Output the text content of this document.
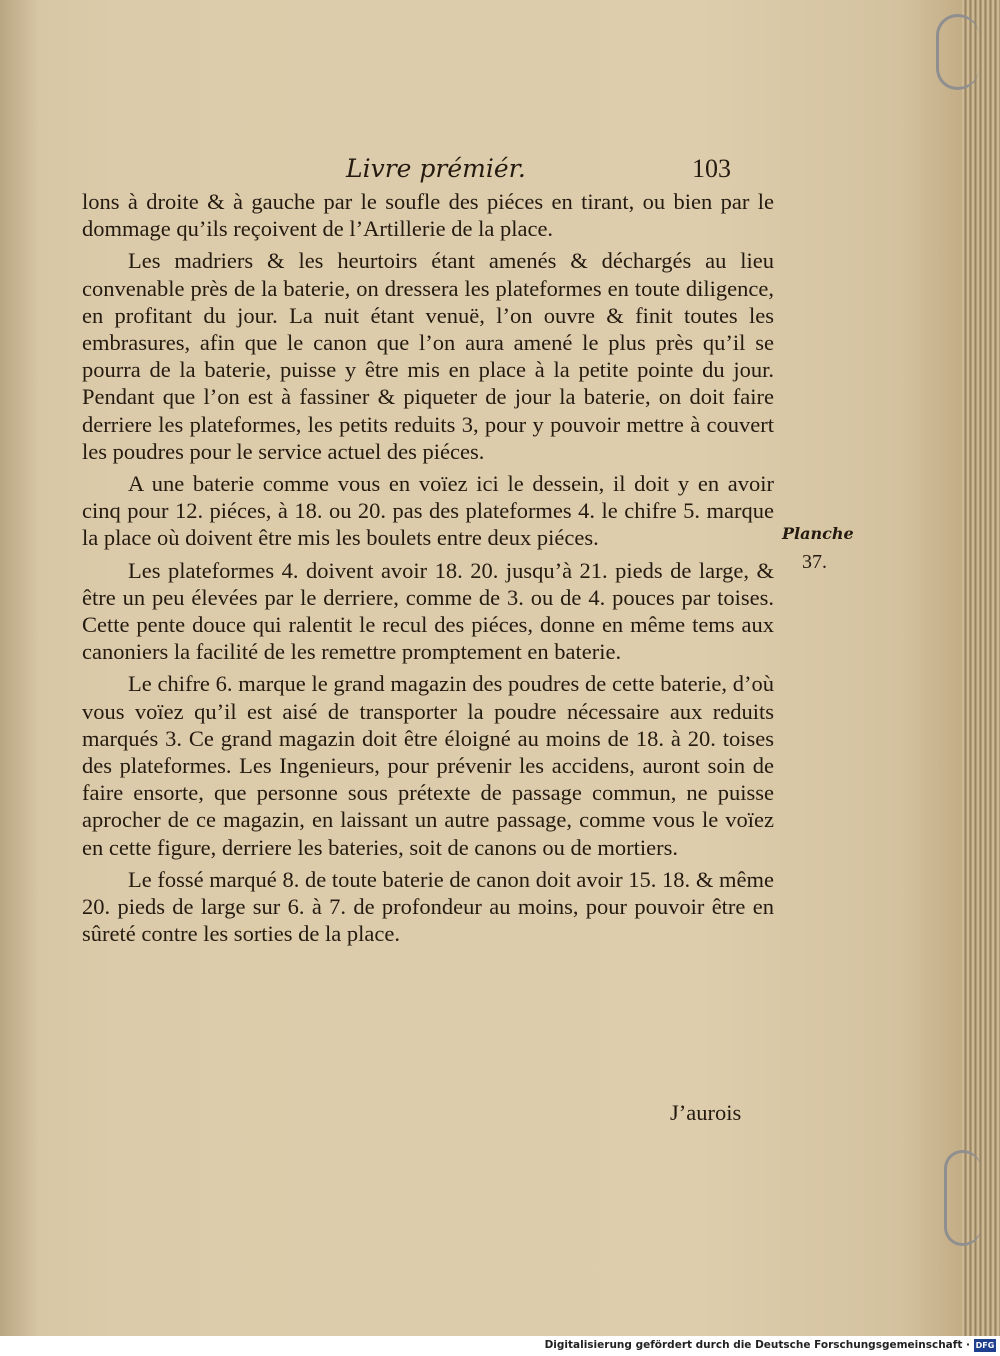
Livre prémiér.	103

lons à droite & à gauche par le soufle des piéces en tirant, ou bien par le dommage qu’ils reçoivent de l’Artillerie de la place.

Les madriers & les heurtoirs étant amenés & déchargés au lieu convenable près de la baterie, on dressera les plateformes en toute diligence, en profitant du jour. La nuit étant venuë, l’on ouvre & finit toutes les embrasures, afin que le canon que l’on aura amené le plus près qu’il se pourra de la baterie, puisse y être mis en place à la petite pointe du jour. Pendant que l’on est à fassiner & piqueter de jour la baterie, on doit faire derriere les plateformes, les petits reduits 3, pour y pouvoir mettre à couvert les poudres pour le service actuel des piéces.

A une baterie comme vous en voïez ici le dessein, il doit y en avoir cinq pour 12. piéces, à 18. ou 20. pas des plateformes 4. le chifre 5. marque la place où doivent être mis les boulets entre deux piéces.

Les plateformes 4. doivent avoir 18. 20. jusqu’à 21. pieds de large, & être un peu élevées par le derriere, comme de 3. ou de 4. pouces par toises. Cette pente douce qui ralentit le recul des piéces, donne en même tems aux canoniers la facilité de les remettre promptement en baterie.

Le chifre 6. marque le grand magazin des poudres de cette baterie, d’où vous voïez qu’il est aisé de transporter la poudre nécessaire aux reduits marqués 3. Ce grand magazin doit être éloigné au moins de 18. à 20. toises des plateformes. Les Ingenieurs, pour prévenir les accidens, auront soin de faire ensorte, que personne sous prétexte de passage commun, ne puisse aprocher de ce magazin, en laissant un autre passage, comme vous le voïez en cette figure, derriere les bateries, soit de canons ou de mortiers.

Le fossé marqué 8. de toute baterie de canon doit avoir 15. 18. & même 20. pieds de large sur 6. à 7. de profondeur au moins, pour pouvoir être en sûreté contre les sorties de la place.

Planche
37.
J’aurois
Digitalisierung gefördert durch die Deutsche Forschungsgemeinschaft · DFG
